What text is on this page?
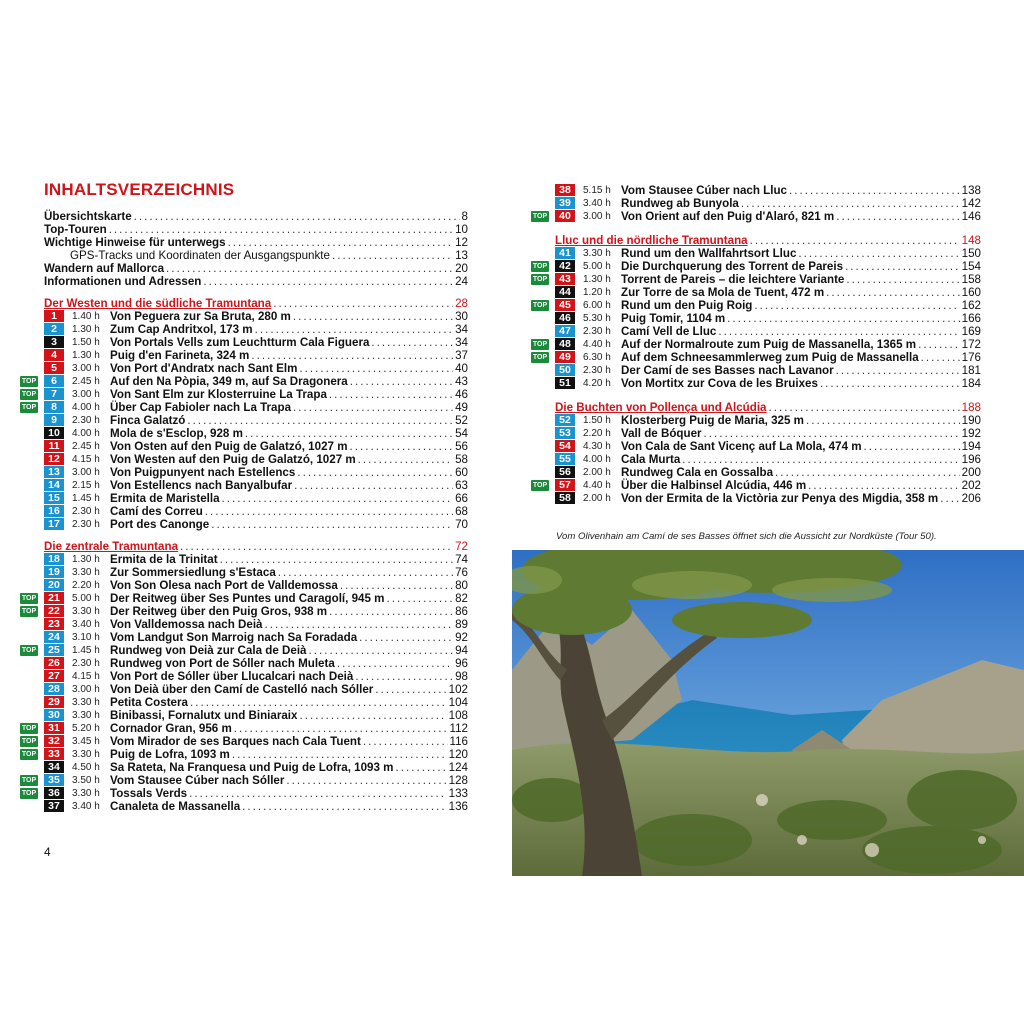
INHALTSVERZEICHNIS
Übersichtskarte . . .	8
Top-Touren . . .	10
Wichtige Hinweise für unterwegs . . .	12
GPS-Tracks und Koordinaten der Ausgangspunkte . . .	13
Wandern auf Mallorca . . .	20
Informationen und Adressen . . .	24
Der Westen und die südliche Tramuntana . . .	28
1	1.40 h Von Peguera zur Sa Bruta, 280 m . . .	30
2	1.30 h Zum Cap Andritxol, 173 m . . .	34
3	1.50 h Von Portals Vells zum Leuchtturm Cala Figuera . . .	34
4	1.30 h Puig d'en Farineta, 324 m . . .	37
5	3.00 h Von Port d'Andratx nach Sant Elm . . .	40
TOP	6	2.45 h Auf den Na Pòpia, 349 m, auf Sa Dragonera . . .	43
TOP	7	3.00 h Von Sant Elm zur Klosterruine La Trapa . . .	46
TOP	8	4.00 h Über Cap Fabioler nach La Trapa . . .	49
9	2.30 h Finca Galatzó . . .	52
10	4.00 h Mola de s'Esclop, 928 m . . .	54
11	2.45 h Von Osten auf den Puig de Galatzó, 1027 m . . .	56
12	4.15 h Von Westen auf den Puig de Galatzó, 1027 m . . .	58
13	3.00 h Von Puigpunyent nach Estellencs . . .	60
14	2.15 h Von Estellencs nach Banyalbufar . . .	63
15	1.45 h Ermita de Maristella . . .	66
16	2.30 h Camí des Correu . . .	68
17	2.30 h Port des Canonge . . .	70
Die zentrale Tramuntana . . .	72
18	1.30 h Ermita de la Trinitat . . .	74
19	3.30 h Zur Sommersiedlung s'Estaca . . .	76
20	2.20 h Von Son Olesa nach Port de Valldemossa . . .	80
TOP	21	5.00 h Der Reitweg über Ses Puntes und Caragolí, 945 m . . .	82
TOP	22	3.30 h Der Reitweg über den Puig Gros, 938 m . . .	86
23	3.40 h Von Valldemossa nach Deià . . .	89
24	3.10 h Vom Landgut Son Marroig nach Sa Foradada . . .	92
TOP	25	1.45 h Rundweg von Deià zur Cala de Deià . . .	94
26	2.30 h Rundweg von Port de Sóller nach Muleta . . .	96
27	4.15 h Von Port de Sóller über Llucalcari nach Deià . . .	98
28	3.00 h Von Deià über den Camí de Castelló nach Sóller . . .	102
29	3.30 h Petita Costera . . .	104
30	3.30 h Binibassi, Fornalutx und Biniaraix . . .	108
TOP	31	5.20 h Cornador Gran, 956 m . . .	112
TOP	32	3.45 h Vom Mirador de ses Barques nach Cala Tuent . . .	116
TOP	33	3.30 h Puig de Lofra, 1093 m . . .	120
34	4.50 h Sa Rateta, Na Franquesa und Puig de Lofra, 1093 m . . .	124
TOP	35	3.50 h Vom Stausee Cúber nach Sóller . . .	128
TOP	36	3.30 h Tossals Verds . . .	133
37	3.40 h Canaleta de Massanella . . .	136
38	5.15 h Vom Stausee Cúber nach Lluc . . .	138
39	3.40 h Rundweg ab Bunyola . . .	142
TOP	40	3.00 h Von Orient auf den Puig d'Alaró, 821 m . . .	146
Lluc und die nördliche Tramuntana . . .	148
41	3.30 h Rund um den Wallfahrtsort Lluc . . .	150
TOP	42	5.00 h Die Durchquerung des Torrent de Pareis . . .	154
TOP	43	1.30 h Torrent de Pareis – die leichtere Variante . . .	158
44	1.20 h Zur Torre de sa Mola de Tuent, 472 m . . .	160
TOP	45	6.00 h Rund um den Puig Roig . . .	162
46	5.30 h Puig Tomir, 1104 m . . .	166
47	2.30 h Camí Vell de Lluc . . .	169
TOP	48	4.40 h Auf der Normalroute zum Puig de Massanella, 1365 m . . .	172
TOP	49	6.30 h Auf dem Schneesammlerweg zum Puig de Massanella . . .	176
50	2.30 h Der Camí de ses Basses nach Lavanor . . .	181
51	4.20 h Von Mortitx zur Cova de les Bruixes . . .	184
Die Buchten von Pollença und Alcúdia . . .	188
52	1.50 h Klosterberg Puig de Maria, 325 m . . .	190
53	2.20 h Vall de Bóquer . . .	192
54	4.30 h Von Cala de Sant Vicenç auf La Mola, 474 m . . .	194
55	4.00 h Cala Murta . . .	196
56	2.00 h Rundweg Cala en Gossalba . . .	200
TOP	57	4.40 h Über die Halbinsel Alcúdia, 446 m . . .	202
58	2.00 h Von der Ermita de la Victòria zur Penya des Migdia, 358 m . . . 206
4
Vom Olivenhain am Camí de ses Basses öffnet sich die Aussicht zur Nordküste (Tour 50).
